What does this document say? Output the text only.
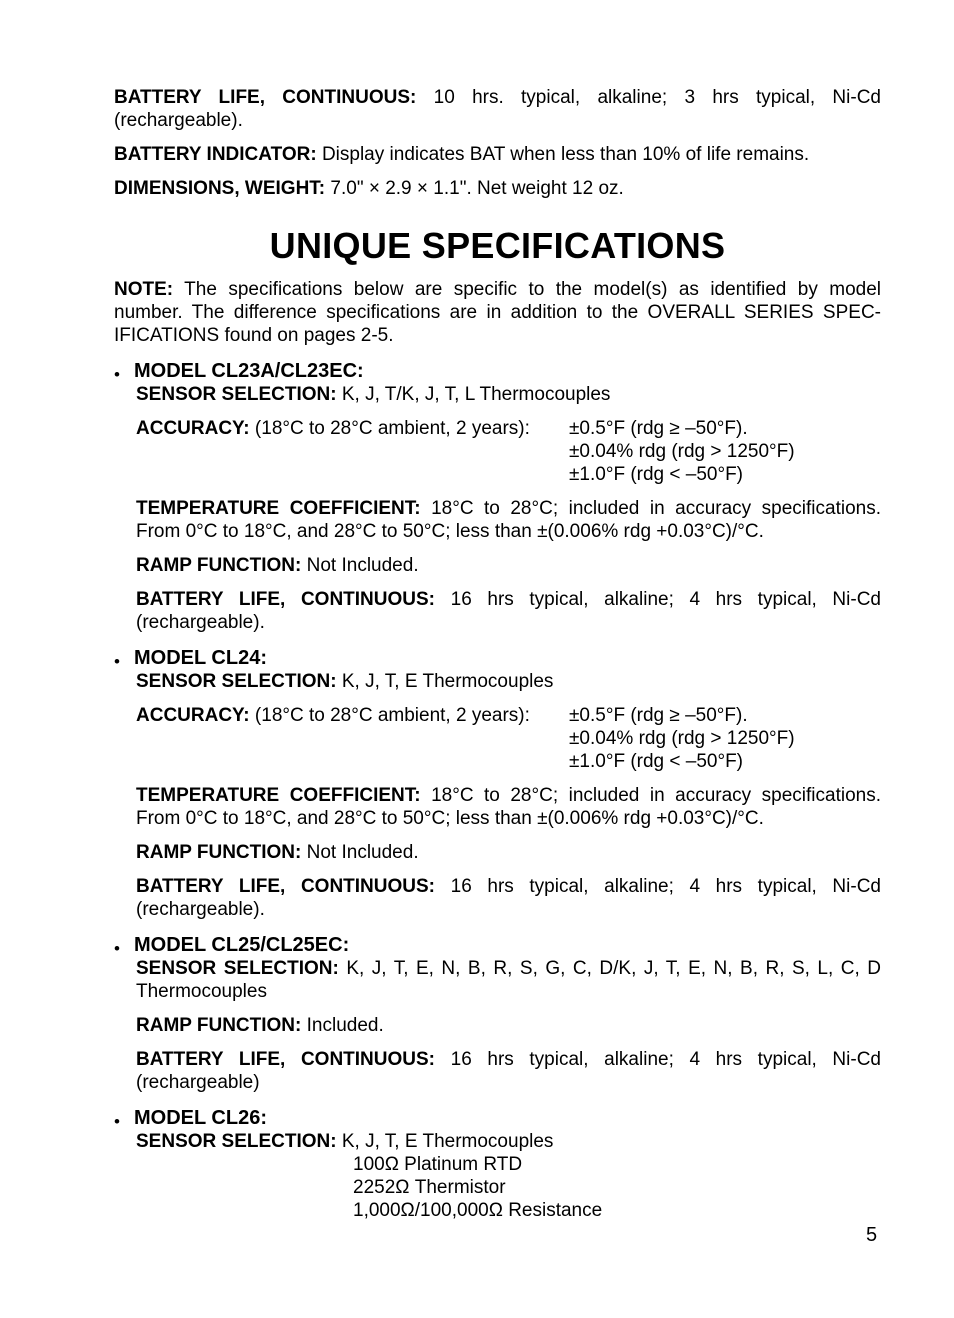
BATTERY LIFE, CONTINUOUS: 10 hrs. typical, alkaline; 3 hrs typical, Ni-Cd (rechargeable).

BATTERY INDICATOR: Display indicates BAT when less than 10% of life remains.

DIMENSIONS, WEIGHT: 7.0" × 2.9 × 1.1". Net weight 12 oz.

UNIQUE SPECIFICATIONS

NOTE: The specifications below are specific to the model(s) as identified by model number. The difference specifications are in addition to the OVERALL SERIES SPEC-IFICATIONS found on pages 2-5.

• MODEL CL23A/CL23EC:

SENSOR SELECTION: K, J, T/K, J, T, L Thermocouples

ACCURACY: (18°C to 28°C ambient, 2 years): ±0.5°F (rdg ≥ –50°F).
±0.04% rdg (rdg > 1250°F)
±1.0°F (rdg < –50°F)

TEMPERATURE COEFFICIENT: 18°C to 28°C; included in accuracy specifications. From 0°C to 18°C, and 28°C to 50°C; less than ±(0.006% rdg +0.03°C)/°C.

RAMP FUNCTION: Not Included.

BATTERY LIFE, CONTINUOUS: 16 hrs typical, alkaline; 4 hrs typical, Ni-Cd (rechargeable).

• MODEL CL24:

SENSOR SELECTION: K, J, T, E Thermocouples

ACCURACY: (18°C to 28°C ambient, 2 years): ±0.5°F (rdg ≥ –50°F).
±0.04% rdg (rdg > 1250°F)
±1.0°F (rdg < –50°F)

TEMPERATURE COEFFICIENT: 18°C to 28°C; included in accuracy specifications. From 0°C to 18°C, and 28°C to 50°C; less than ±(0.006% rdg +0.03°C)/°C.

RAMP FUNCTION: Not Included.

BATTERY LIFE, CONTINUOUS: 16 hrs typical, alkaline; 4 hrs typical, Ni-Cd (rechargeable).

• MODEL CL25/CL25EC:

SENSOR SELECTION: K, J, T, E, N, B, R, S, G, C, D/K, J, T, E, N, B, R, S, L, C, D Thermocouples

RAMP FUNCTION: Included.

BATTERY LIFE, CONTINUOUS: 16 hrs typical, alkaline; 4 hrs typical, Ni-Cd (rechargeable)

• MODEL CL26:
SENSOR SELECTION: K, J, T, E Thermocouples
100Ω Platinum RTD
2252Ω Thermistor
1,000Ω/100,000Ω Resistance
5
